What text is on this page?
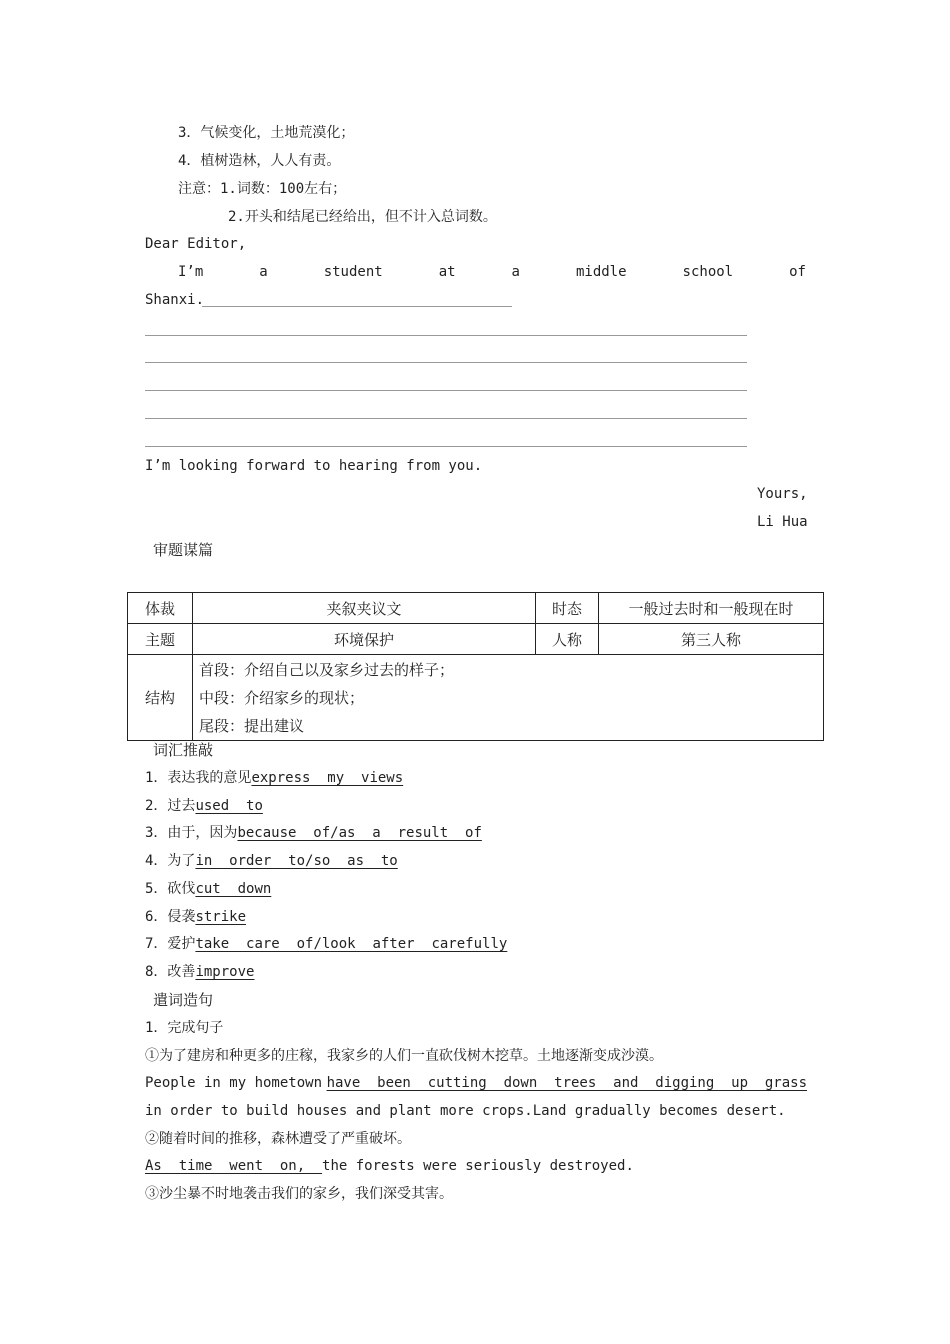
3．气候变化，土地荒漠化；
4．植树造林，人人有责。
注意：1.词数：100左右；
2.开头和结尾已经给出，但不计入总词数。
Dear Editor,
I’m	a	student	at	a	middle	school	of
Shanxi.
I’m looking forward to hearing from you.
Yours,
Li Hua
审题谋篇
体裁	夹叙夹议文	时态	一般过去时和一般现在时
主题	环境保护	人称	第三人称
结构	首段：介绍自己以及家乡过去的样子；
中段：介绍家乡的现状；
尾段：提出建议		
词汇推敲
1．表达我的意见express  my  views
2．过去used  to
3．由于，因为because  of/as  a  result  of
4．为了in  order  to/so  as  to
5．砍伐cut  down
6．侵袭strike
7．爱护take  care  of/look  after  carefully
8．改善improve
遣词造句
1．完成句子
①为了建房和种更多的庄稼，我家乡的人们一直砍伐树木挖草。土地逐渐变成沙漠。
People in my hometown have  been  cutting  down  trees  and  digging  up  grass
in order to build houses and plant more crops.Land gradually becomes desert.
②随着时间的推移，森林遭受了严重破坏。
As  time  went  on,  the forests were seriously destroyed.
③沙尘暴不时地袭击我们的家乡，我们深受其害。
